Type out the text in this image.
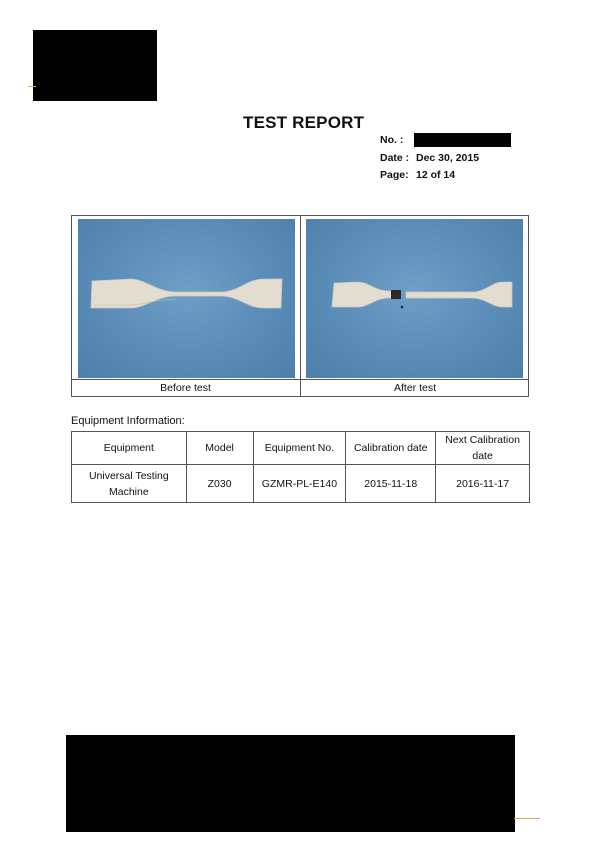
TEST REPORT
No. :
Date : Dec 30, 2015
Page: 12 of 14
Before test	After test
Equipment Information:
Equipment	Model	Equipment No.	Calibration date	Next Calibration date
Universal Testing Machine	Z030	GZMR-PL-E140	2015-11-18	2016-11-17
